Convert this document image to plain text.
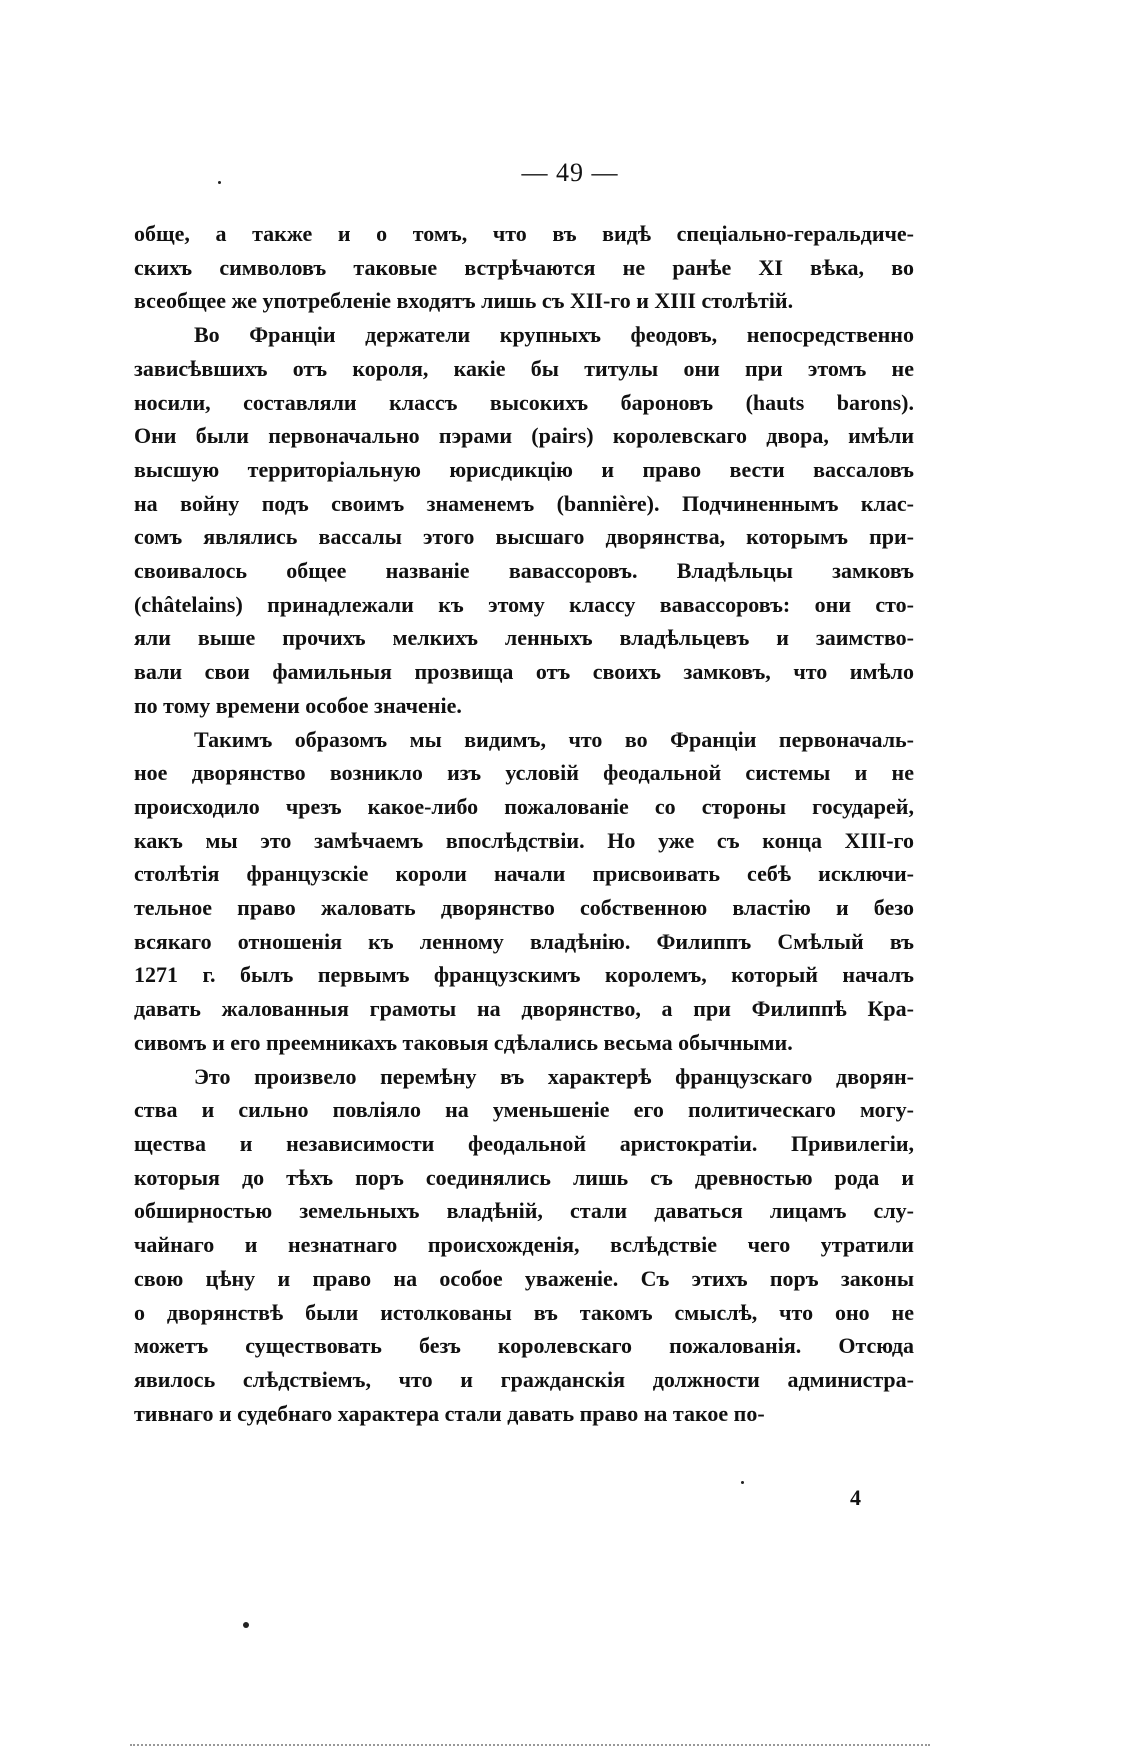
— 49 —
обще, а также и о томъ, что въ видѣ спеціально-геральдиче-
скихъ символовъ таковые встрѣчаются не ранѣе XI вѣка, во
всеобщее же употребленіе входятъ лишь съ XII-го и XIII столѣтій.
Во Франціи держатели крупныхъ феодовъ, непосредственно
зависѣвшихъ отъ короля, какіе бы титулы они при этомъ не
носили, составляли классъ высокихъ бароновъ (hauts barons).
Они были первоначально пэрами (pairs) королевскаго двора, имѣли
высшую территоріальную юрисдикцію и право вести вассаловъ
на войну подъ своимъ знаменемъ (bannière). Подчиненнымъ клас-
сомъ являлись вассалы этого высшаго дворянства, которымъ при-
своивалось общее названіе вавассоровъ. Владѣльцы замковъ
(châtelains) принадлежали къ этому классу вавассоровъ: они сто-
яли выше прочихъ мелкихъ ленныхъ владѣльцевъ и заимство-
вали свои фамильныя прозвища отъ своихъ замковъ, что имѣло
по тому времени особое значеніе.
Такимъ образомъ мы видимъ, что во Франціи первоначаль-
ное дворянство возникло изъ условій феодальной системы и не
происходило чрезъ какое-либо пожалованіе со стороны государей,
какъ мы это замѣчаемъ впослѣдствіи. Но уже съ конца XIII-го
столѣтія французскіе короли начали присвоивать себѣ исключи-
тельное право жаловать дворянство собственною властію и безо
всякаго отношенія къ ленному владѣнію. Филиппъ Смѣлый въ
1271 г. былъ первымъ французскимъ королемъ, который началъ
давать жалованныя грамоты на дворянство, а при Филиппѣ Кра-
сивомъ и его преемникахъ таковыя сдѣлались весьма обычными.
Это произвело перемѣну въ характерѣ французскаго дворян-
ства и сильно повліяло на уменьшеніе его политическаго могу-
щества и независимости феодальной аристократіи. Привилегіи,
которыя до тѣхъ поръ соединялись лишь съ древностью рода и
обширностью земельныхъ владѣній, стали даваться лицамъ слу-
чайнаго и незнатнаго происхожденія, вслѣдствіе чего утратили
свою цѣну и право на особое уваженіе. Съ этихъ поръ законы
о дворянствѣ были истолкованы въ такомъ смыслѣ, что оно не
можетъ существовать безъ королевскаго пожалованія. Отсюда
явилось слѣдствіемъ, что и гражданскія должности администра-
тивнаго и судебнаго характера стали давать право на такое по-
4
